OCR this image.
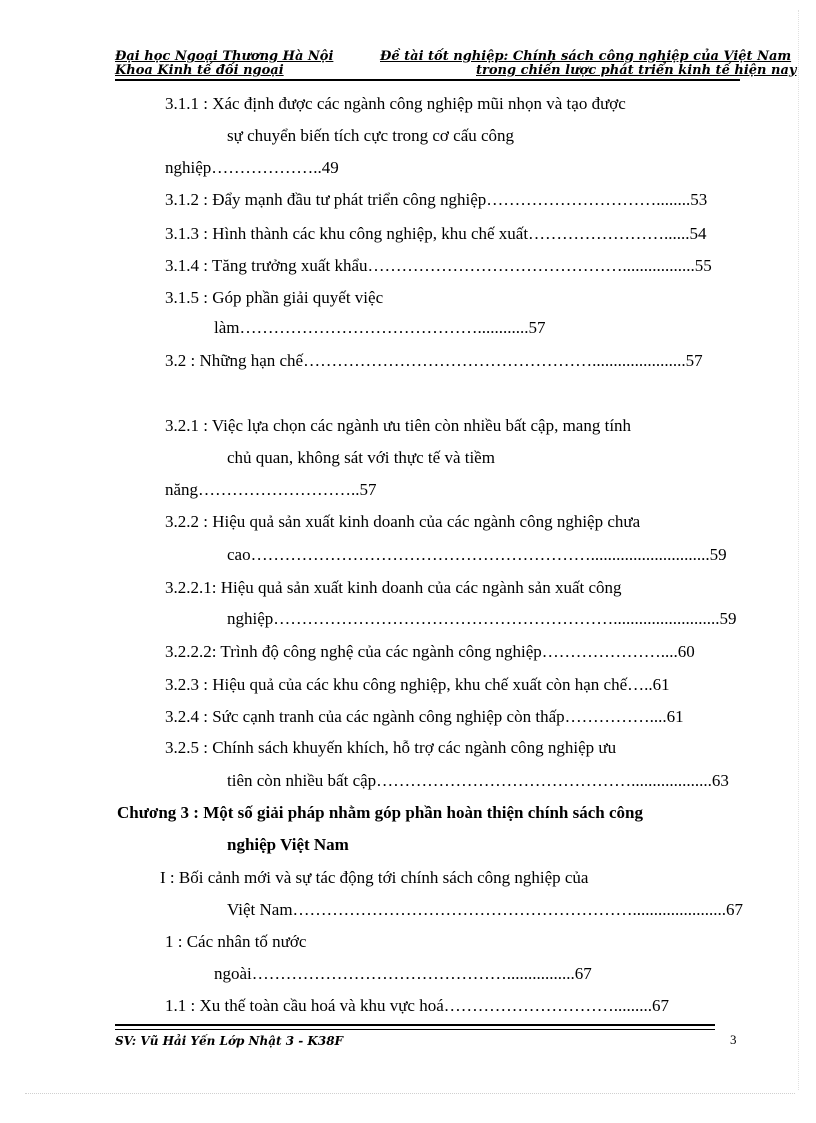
Đại học Ngoại Thương Hà Nội
Khoa Kinh tế đối ngoại
Đề tài tốt nghiệp: Chính sách công nghiệp của Việt Nam
trong chiến lược phát triển kinh tế hiện nay
3.1.1 : Xác định được các ngành công nghiệp mũi nhọn và tạo được
sự chuyển biến tích cực trong cơ cấu công
nghiệp………………..49
3.1.2 : Đẩy mạnh đầu tư phát triển công nghiệp…………………………........53
3.1.3 : Hình thành các khu công nghiệp, khu chế xuất……………………......54
3.1.4 : Tăng trưởng xuất khẩu……………………………………….................55
3.1.5 : Góp phần giải quyết việc
làm……………………………………............57
3.2 : Những hạn chế……………………………………………......................57
3.2.1 : Việc lựa chọn các ngành ưu tiên còn nhiều bất cập, mang tính
chủ quan, không sát với thực tế và tiềm
năng………………………..57
3.2.2 : Hiệu quả sản xuất kinh doanh của các ngành công nghiệp chưa
cao……………………………………………………............................59
3.2.2.1: Hiệu quả sản xuất kinh doanh của các ngành sản xuất công
nghiệp…………………………………………………….........................59
3.2.2.2: Trình độ công nghệ của các ngành công nghiệp…………………....60
3.2.3 : Hiệu quả của các khu công nghiệp, khu chế xuất còn hạn chế…..61
3.2.4 : Sức cạnh tranh của các ngành công nghiệp còn thấp……………....61
3.2.5 : Chính sách khuyến khích, hỗ trợ các ngành công nghiệp ưu
tiên còn nhiều bất cập………………………………………...................63
Chương 3 : Một số giải pháp nhằm góp phần hoàn thiện chính sách công
nghiệp Việt Nam
I : Bối cảnh mới và sự tác động tới chính sách công nghiệp của
Việt Nam……………………………………………………......................67
1 : Các nhân tố nước
ngoài………………………………………................67
1.1 : Xu thế toàn cầu hoá và khu vực hoá………………………….........67
SV: Vũ Hải Yến Lớp Nhật 3 - K38F	3
